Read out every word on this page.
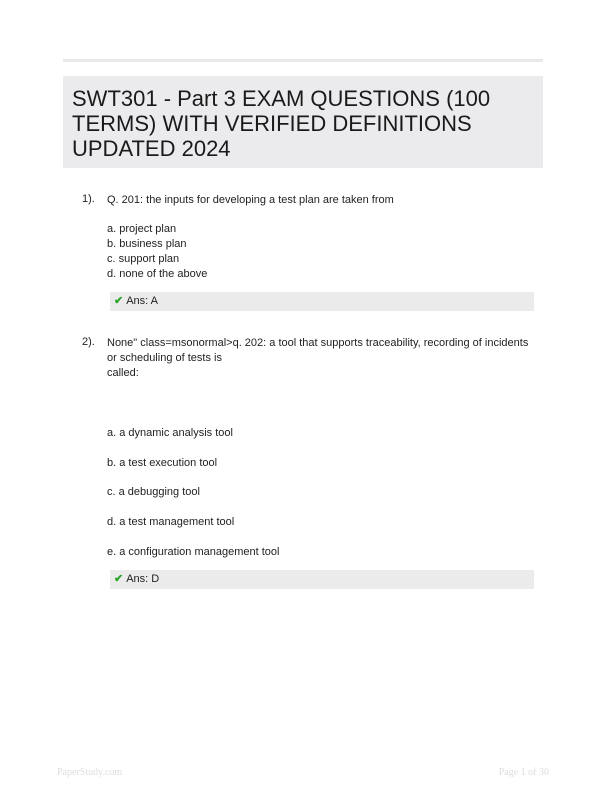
SWT301 - Part 3 EXAM QUESTIONS (100 TERMS) WITH VERIFIED DEFINITIONS UPDATED 2024
1). Q. 201: the inputs for developing a test plan are taken from
a. project plan
b. business plan
c. support plan
d. none of the above
✔ Ans: A
2). None" class=msonormal>q. 202: a tool that supports traceability, recording of incidents or scheduling of tests is
called:
a. a dynamic analysis tool
b. a test execution tool
c. a debugging tool
d. a test management tool
e. a configuration management tool
✔ Ans: D
PaperStudy.com	Page 1 of 30
